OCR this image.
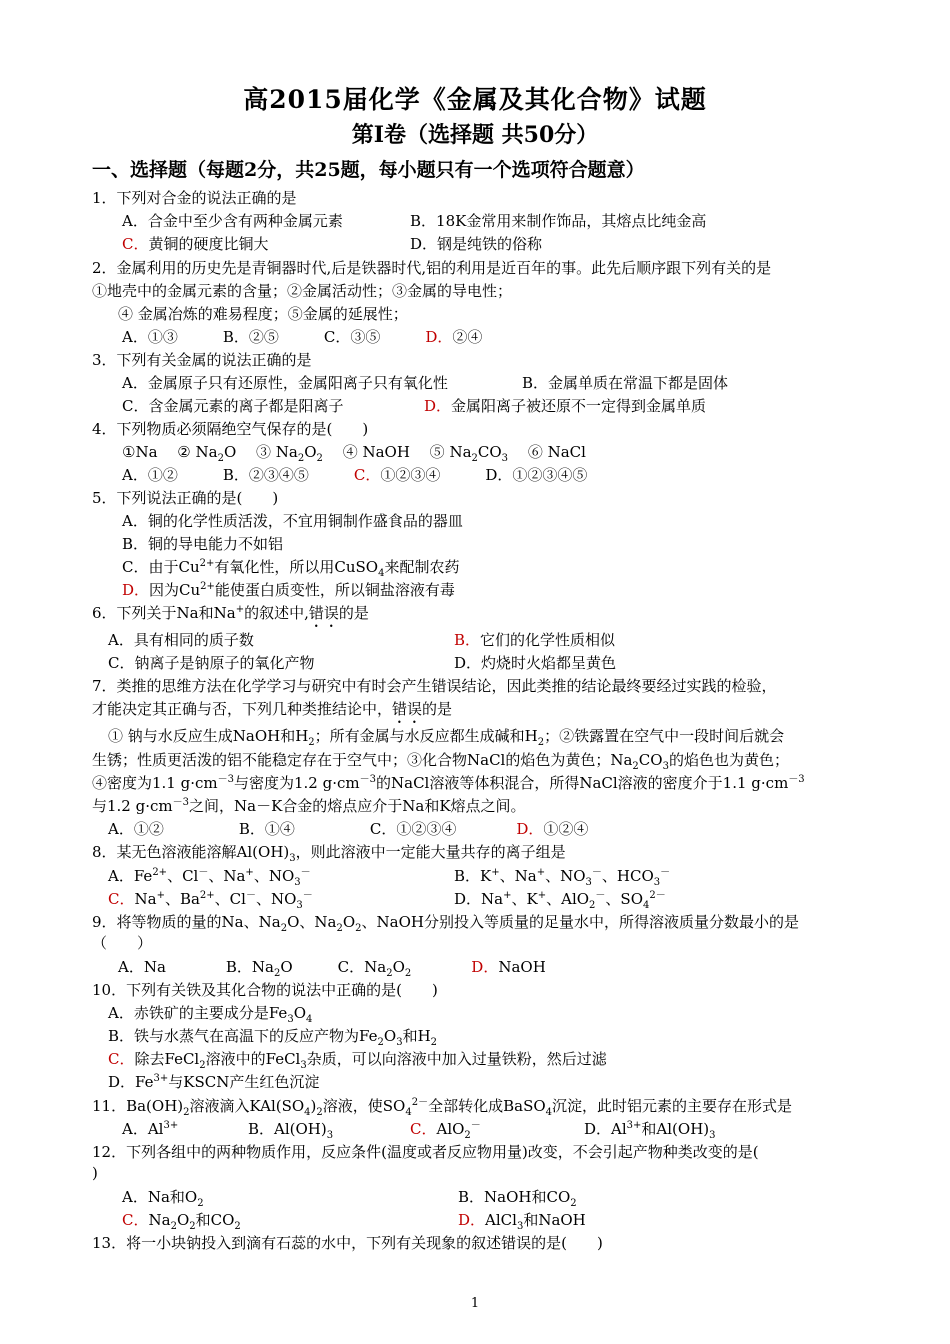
高2015届化学《金属及其化合物》试题
第Ⅰ卷（选择题 共50分）
一、选择题（每题2分，共25题，每小题只有一个选项符合题意）
1．下列对合金的说法正确的是
A．合金中至少含有两种金属元素	B．18K金常用来制作饰品，其熔点比纯金高
C．黄铜的硬度比铜大	D．钢是纯铁的俗称
2．金属利用的历史先是青铜器时代,后是铁器时代,铝的利用是近百年的事。此先后顺序跟下列有关的是
①地壳中的金属元素的含量；②金属活动性；③金属的导电性；
④ 金属冶炼的难易程度；⑤金属的延展性；
A．①③　　　B．②⑤　　　C．③⑤　　　D．②④
3．下列有关金属的说法正确的是
A．金属原子只有还原性，金属阳离子只有氧化性	B．金属单质在常温下都是固体
C．含金属元素的离子都是阳离子	D．金属阳离子被还原不一定得到金属单质
4．下列物质必须隔绝空气保存的是(　　)
①Na　 ② $Na_2O$　 ③ $Na_2O_2$　 ④ NaOH　 ⑤ $Na_2CO_3$　 ⑥ NaCl
A．①②　　　B．②③④⑤　　　C．①②③④　　　D．①②③④⑤
5．下列说法正确的是(　　)
A．铜的化学性质活泼，不宜用铜制作盛食品的器皿
B．铜的导电能力不如铝
C．由于$Cu^{2+}$有氧化性，所以用CuSO$_4$来配制农药
D．因为$Cu^{2+}$能使蛋白质变性，所以铜盐溶液有毒
6．下列关于Na和Na+的叙述中,错误的是
A．具有相同的质子数	B．它们的化学性质相似
C．钠离子是钠原子的氧化产物	D．灼烧时火焰都呈黄色
7．类推的思维方法在化学学习与研究中有时会产生错误结论，因此类推的结论最终要经过实践的检验，
才能决定其正确与否，下列几种类推结论中，错误的是
① 钠与水反应生成NaOH和$H_2$；所有金属与水反应都生成碱和$H_2$；②铁露置在空气中一段时间后就会
生锈；性质更活泼的铝不能稳定存在于空气中；③化合物NaCl的焰色为黄色；$Na_2CO_3$的焰色也为黄色；
④密度为1.1 $g\cdot cm^{-3}$与密度为1.2 $g\cdot cm^{-3}$的NaCl溶液等体积混合，所得NaCl溶液的密度介于1.1 $g\cdot cm^{-3}$
与1.2 $g\cdot cm^{-3}$之间，Na－K合金的熔点应介于Na和K熔点之间。
A．①②　　　　　B．①④　　　　　C．①②③④　　　　D．①②④
8．某无色溶液能溶解$Al(OH)_3$，则此溶液中一定能大量共存的离子组是
A．$Fe^{2+}$、Cl－、Na+、$NO_3^-$	B．K+、Na+、$NO_3^-$、$HCO_3^-$
C．Na+、$Ba^{2+}$、Cl－、$NO_3^-$	D．Na+、K+、AlO$_2$－、$SO_4^{2-}$
9．将等物质的量的Na、$Na_2O$、$Na_2O_2$、NaOH分别投入等质量的足量水中，所得溶液质量分数最小的是
（　　）
A．Na　　　　B．$Na_2O$　　　C．$Na_2O_2$　　　　	D．NaOH
10．下列有关铁及其化合物的说法中正确的是(　　)
A．赤铁矿的主要成分是$Fe_3O_4$
B．铁与水蒸气在高温下的反应产物为$Fe_2O_3$和$H_2$
C．除去FeCl$_2$溶液中的FeCl$_3$杂质，可以向溶液中加入过量铁粉，然后过滤
D．$Fe^{3+}$与KSCN产生红色沉淀
11．$Ba(OH)_2$溶液滴入$KAl(SO_4)_2$溶液，使$SO_4^{2-}$全部转化成BaSO$_4$沉淀，此时铝元素的主要存在形式是
A．$Al^{3+}$	B．$Al(OH)_3$	C．AlO$_2$－	D．$Al^{3+}$和$Al(OH)_3$
12．下列各组中的两种物质作用，反应条件(温度或者反应物用量)改变，不会引起产物种类改变的是(
)
A．Na和$O_2$	B．NaOH和$CO_2$
C．$Na_2O_2$和$CO_2$	D．AlCl$_3$和NaOH
13．将一小块钠投入到滴有石蕊的水中，下列有关现象的叙述错误的是(　　)
1
